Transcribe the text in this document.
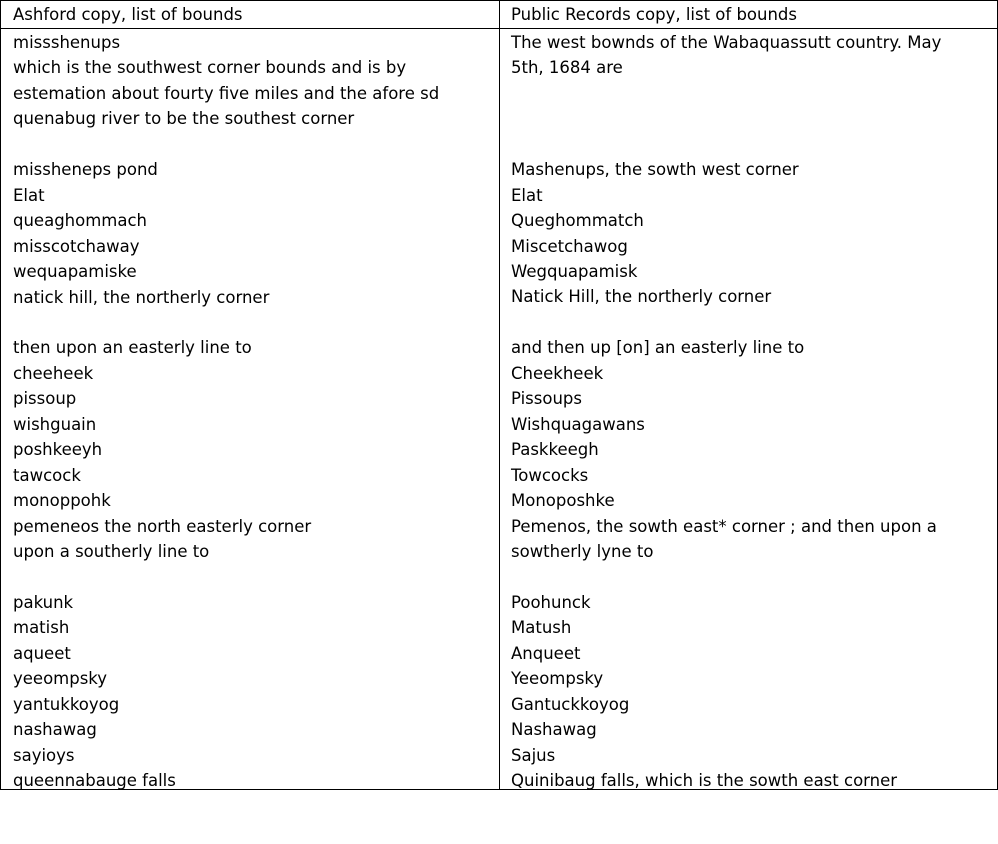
Ashford copy, list of bounds	Public Records copy, list of bounds
missshenups
which is the southwest corner bounds and is by
estemation about fourty five miles and the afore sd
quenabug river to be the southest corner
missheneps pond
Elat
queaghommach
misscotchaway
wequapamiske
natick hill, the northerly corner
then upon an easterly line to
cheeheek
pissoup
wishguain
poshkeeyh
tawcock
monoppohk
pemeneos the north easterly corner
upon a southerly line to
pakunk
matish
aqueet
yeeompsky
yantukkoyog
nashawag
sayioys
queennabauge falls
The west bownds of the Wabaquassutt country. May
5th, 1684 are
Mashenups, the sowth west corner
Elat
Queghommatch
Miscetchawog
Wegquapamisk
Natick Hill, the northerly corner
and then up [on] an easterly line to
Cheekheek
Pissoups
Wishquagawans
Paskkeegh
Towcocks
Monoposhke
Pemenos, the sowth east* corner ; and then upon a
sowtherly lyne to
Poohunck
Matush
Anqueet
Yeeompsky
Gantuckkoyog
Nashawag
Sajus
Quinibaug falls, which is the sowth east corner
